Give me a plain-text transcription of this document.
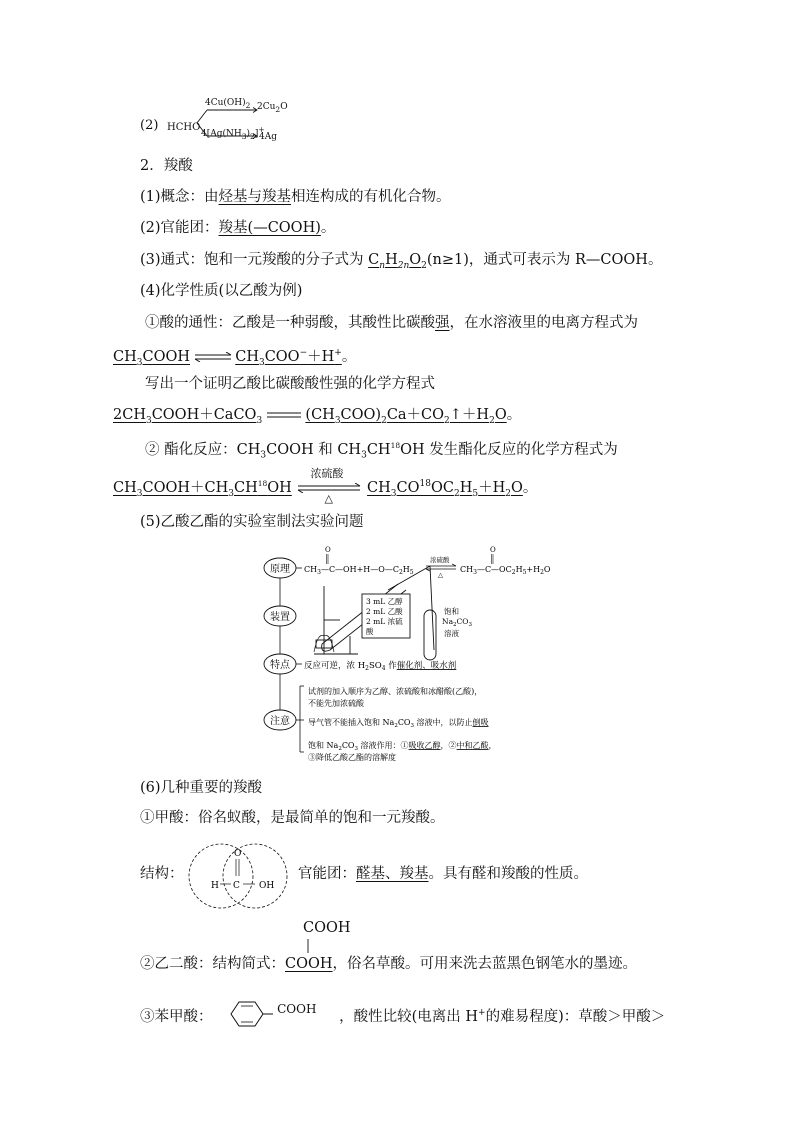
(2) HCHO
$4Cu(OH)_2$ $2Cu_2O$
$4[Ag(NH_3)_2]^+$
4Ag
2．羧酸
(1)概念：由烃基与羧基相连构成的有机化合物。
(2)官能团：羧基(—COOH)。
(3)通式：饱和一元羧酸的分子式为 $C_nH_{2n}O_2(n\ge 1)$，通式可表示为 R—COOH。
(4)化学性质(以乙酸为例)
①酸的通性：乙酸是一种弱酸，其酸性比碳酸强，在水溶液里的电离方程式为
$CH_3COOH$ ⇌ $CH_3COO^-+H^+$。
写出一个证明乙酸比碳酸酸性强的化学方程式
$2CH_3COOH+CaCO_3$	$(CH_3COO)_2Ca+CO_2↑+H_2O$。
② 酯化反应：$CH_3COOH$ 和 $CH_3CH^{18}OH$ 发生酯化反应的化学方程式为
$CH_3COOH+CH_3CH^{18}OH$
浓硫酸
△
$CH_3CO^{18}OC_2H_5+H_2O$。
(5)乙酸乙酯的实验室制法实验问题
原理
装置
特点
注意
$CH_3—C—OH+H—O—C_2H_5$
O
浓硫酸
△
$CH_3—C—OC_2H_5+H_2O$
O
3 mL 乙醇
2 mL 乙酸
2 mL 浓硫
酸
饱和
$Na_2CO_3$
溶液
反应可逆，浓 $H_2SO_4$ 作催化剂、吸水剂
试剂的加入顺序为乙醇、浓硫酸和冰醋酸(乙酸)，
不能先加浓硫酸
导气管不能插入饱和 $Na_2CO_3$ 溶液中，以防止倒吸
饱和 $Na_2CO_3$ 溶液作用：①吸收乙醇，②中和乙酸，
③降低乙酸乙酯的溶解度
(6)几种重要的羧酸
①甲酸：俗名蚁酸，是最简单的饱和一元羧酸。
结构：
O
H C OH
官能团：醛基、羧基。具有醛和羧酸的性质。
COOH
②乙二酸：结构简式：COOH，俗名草酸。可用来洗去蓝黑色钢笔水的墨迹。
③苯甲酸：	COOH ，酸性比较(电离出 H+的难易程度)：草酸＞甲酸＞
